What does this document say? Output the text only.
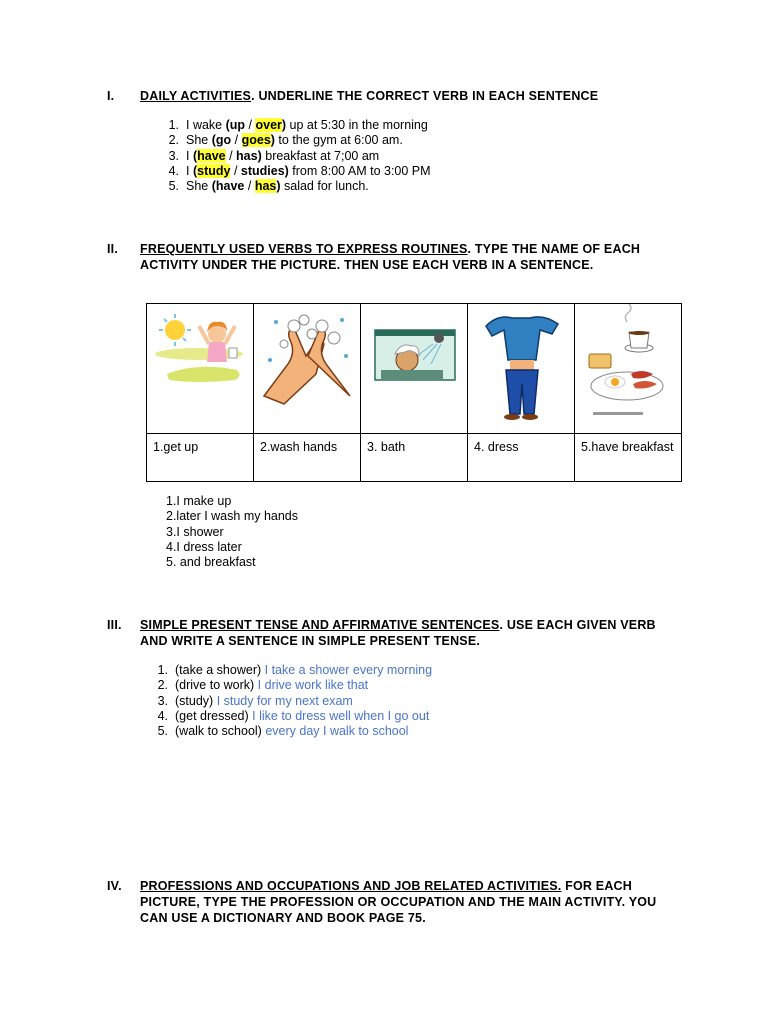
I.	DAILY ACTIVITIES. UNDERLINE THE CORRECT VERB IN EACH SENTENCE
1. I wake (up / over) up at 5:30 in the morning
2. She (go / goes) to the gym at 6:00 am.
3. I (have / has) breakfast at 7;00 am
4. I (study / studies) from 8:00 AM to 3:00 PM
5. She (have / has) salad for lunch.
II.	FREQUENTLY USED VERBS TO EXPRESS ROUTINES. TYPE THE NAME OF EACH ACTIVITY UNDER THE PICTURE. THEN USE EACH VERB IN A SENTENCE.

1.get up	2.wash hands	3. bath	4. dress	5.have breakfast
1.I make up
2.later I wash my hands
3.I shower
4.I dress later
5. and breakfast
III.	SIMPLE PRESENT TENSE AND AFFIRMATIVE SENTENCES. USE EACH GIVEN VERB AND WRITE A SENTENCE IN SIMPLE PRESENT TENSE.
1. (take a shower) I take a shower every morning
2. (drive to work) I drive work like that
3. (study) I study for my next exam
4. (get dressed) I like to dress well when I go out
5. (walk to school) every day I walk to school
IV.	PROFESSIONS AND OCCUPATIONS AND JOB RELATED ACTIVITIES. FOR EACH PICTURE, TYPE THE PROFESSION OR OCCUPATION AND THE MAIN ACTIVITY. YOU CAN USE A DICTIONARY AND BOOK PAGE 75.
